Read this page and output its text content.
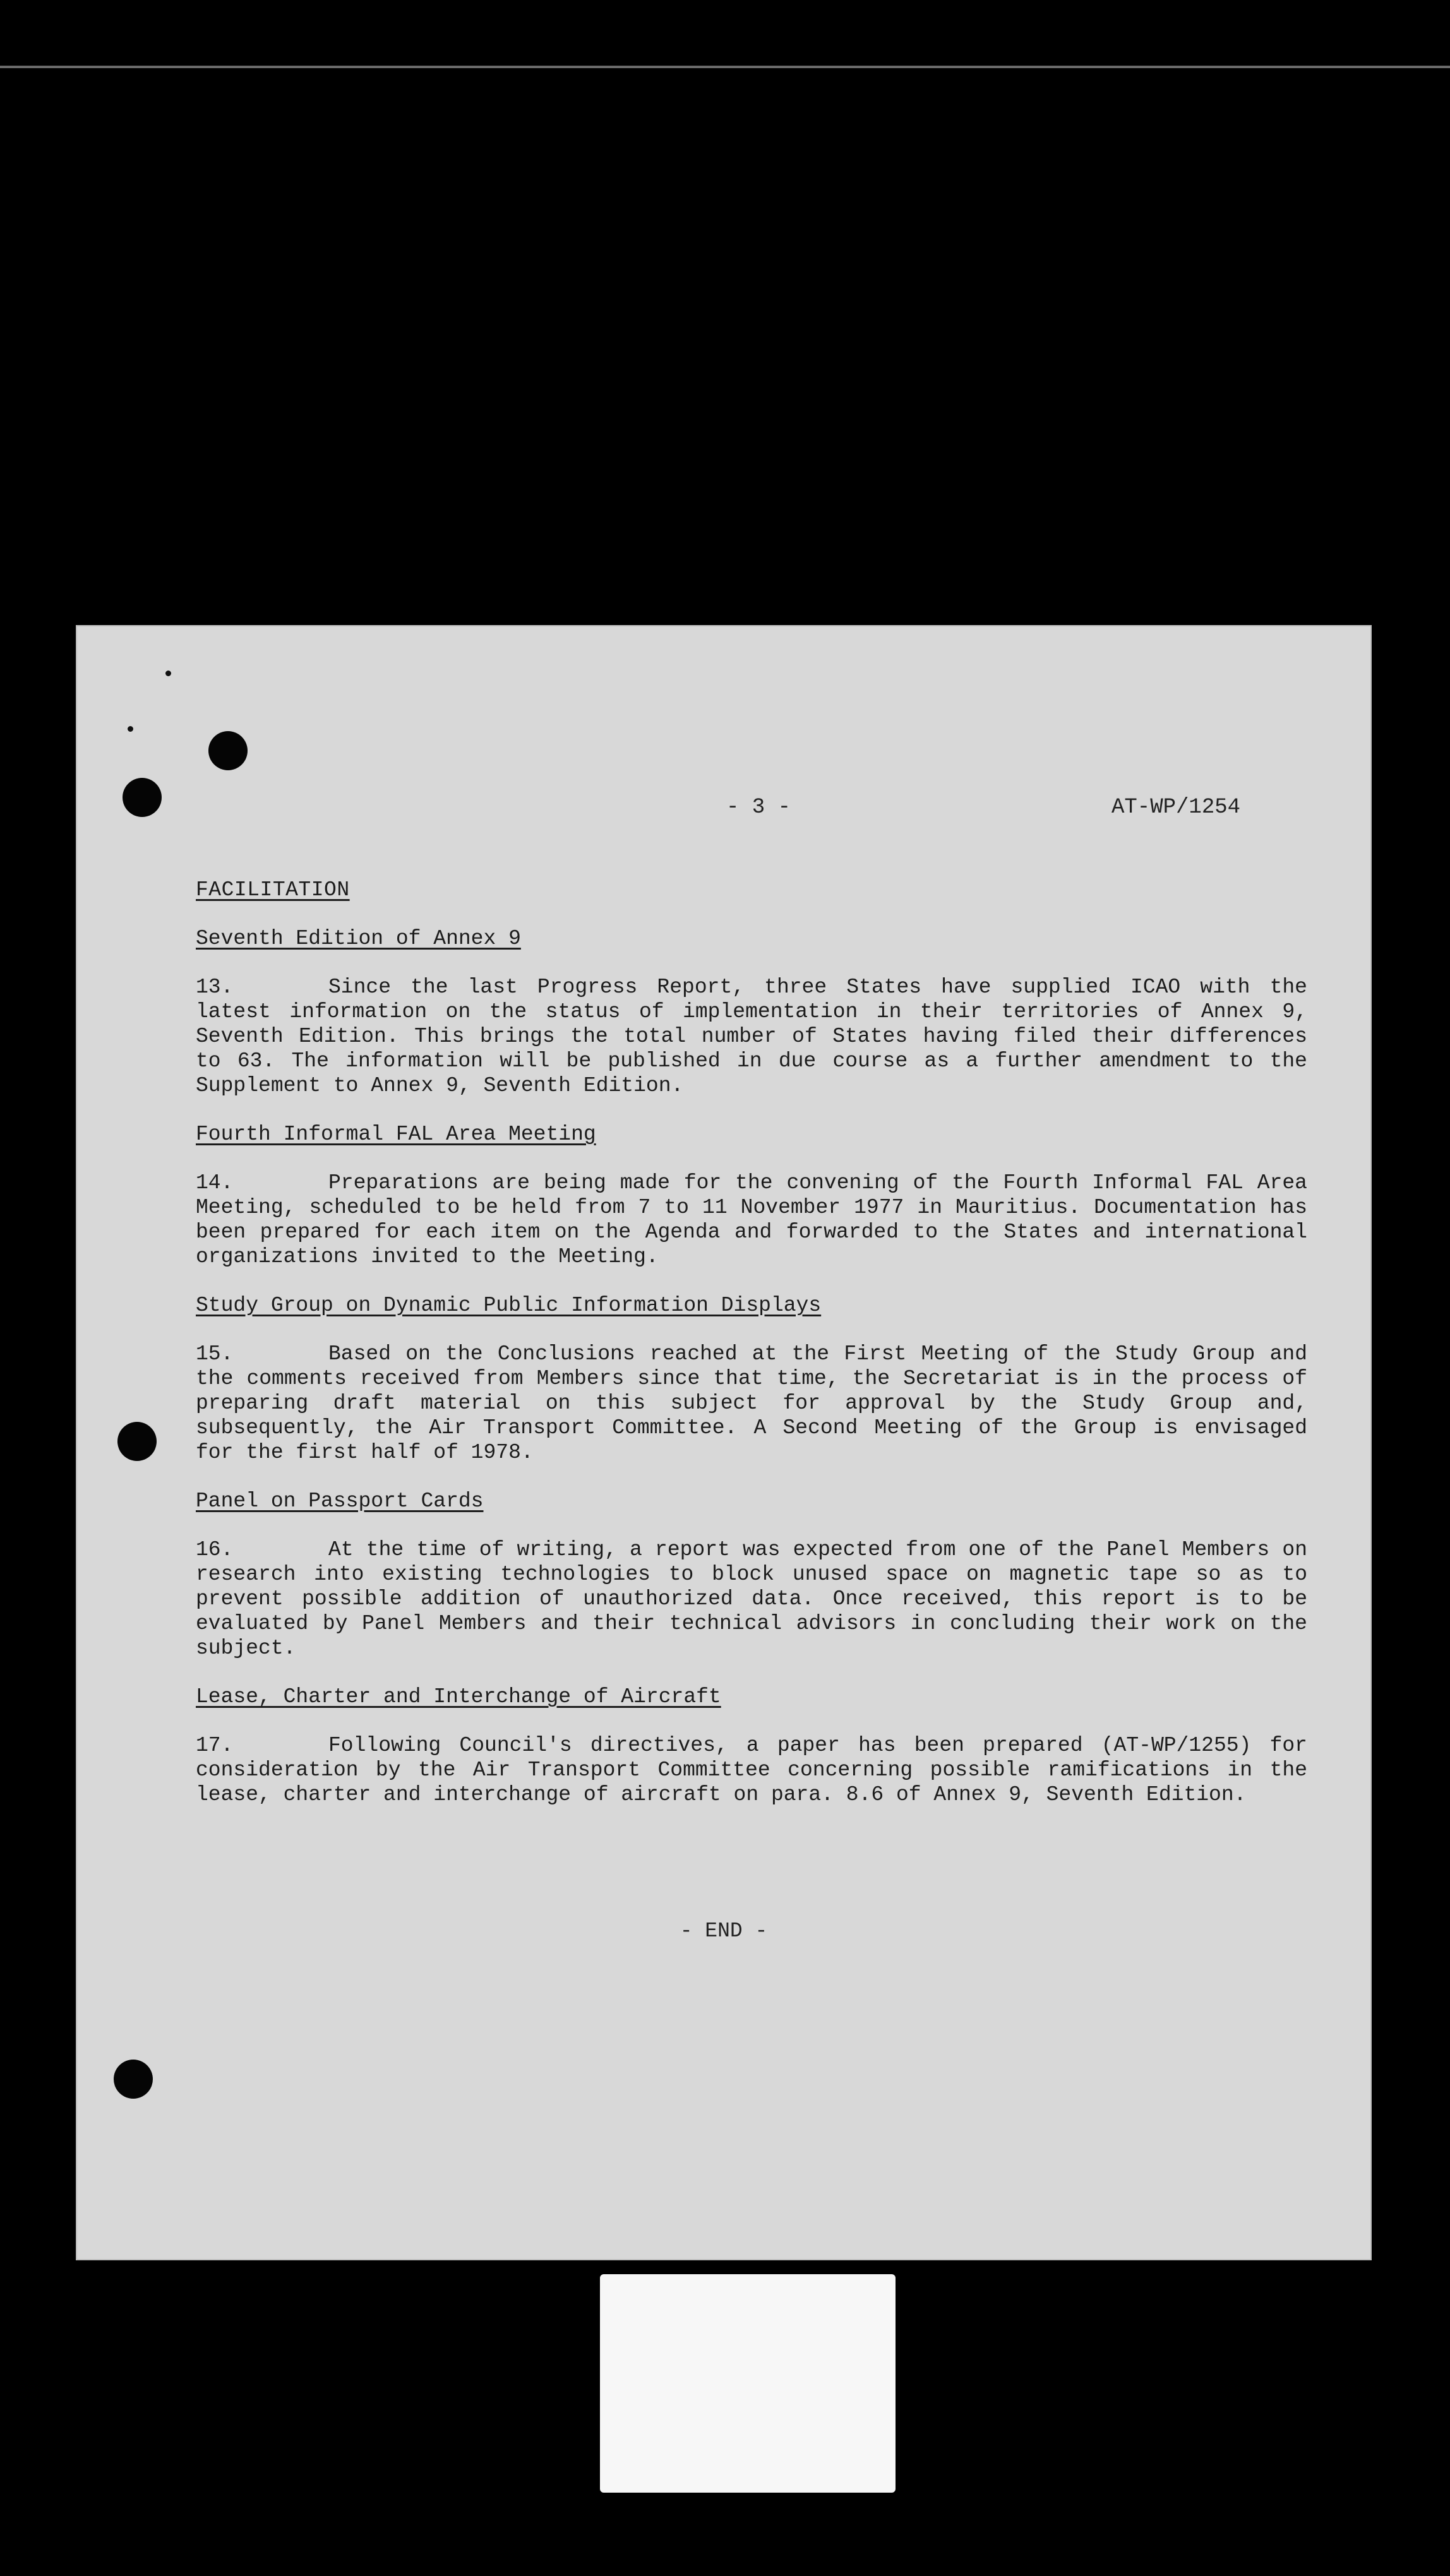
- 3 -	AT-WP/1254
FACILITATION
Seventh Edition of Annex 9

13.	Since the last Progress Report, three States have supplied ICAO with the latest information on the status of implementation in their territories of Annex 9, Seventh Edition. This brings the total number of States having filed their differences to 63. The information will be published in due course as a further amendment to the Supplement to Annex 9, Seventh Edition.

Fourth Informal FAL Area Meeting

14.	Preparations are being made for the convening of the Fourth Informal FAL Area Meeting, scheduled to be held from 7 to 11 November 1977 in Mauritius. Documentation has been prepared for each item on the Agenda and forwarded to the States and international organizations invited to the Meeting.

Study Group on Dynamic Public Information Displays

15.	Based on the Conclusions reached at the First Meeting of the Study Group and the comments received from Members since that time, the Secretariat is in the process of preparing draft material on this subject for approval by the Study Group and, subsequently, the Air Transport Committee. A Second Meeting of the Group is envisaged for the first half of 1978.

Panel on Passport Cards

16.	At the time of writing, a report was expected from one of the Panel Members on research into existing technologies to block unused space on magnetic tape so as to prevent possible addition of unauthorized data. Once received, this report is to be evaluated by Panel Members and their technical advisors in concluding their work on the subject.

Lease, Charter and Interchange of Aircraft

17.	Following Council's directives, a paper has been prepared (AT-WP/1255) for consideration by the Air Transport Committee concerning possible ramifications in the lease, charter and interchange of aircraft on para. 8.6 of Annex 9, Seventh Edition.

- END -
